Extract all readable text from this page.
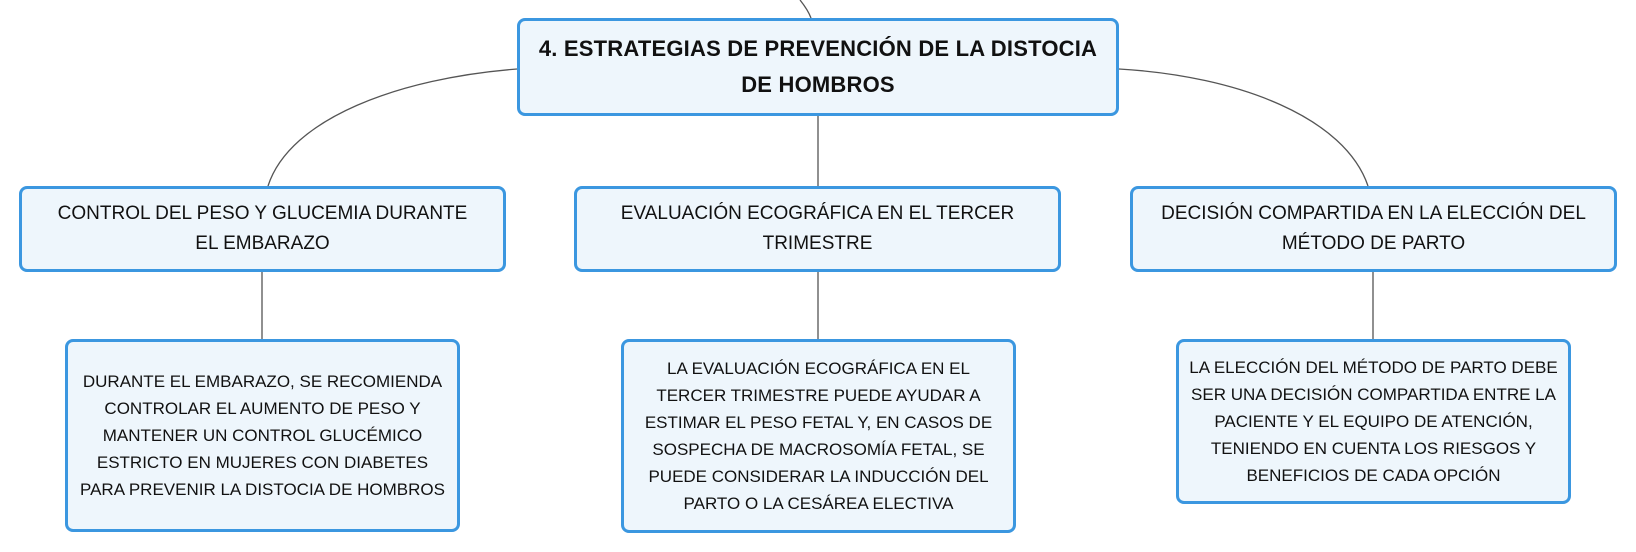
4. ESTRATEGIAS DE PREVENCIÓN DE LA DISTOCIA DE HOMBROS
CONTROL DEL PESO Y GLUCEMIA DURANTE EL EMBARAZO
EVALUACIÓN ECOGRÁFICA EN EL TERCER TRIMESTRE
DECISIÓN COMPARTIDA EN LA ELECCIÓN DEL MÉTODO DE PARTO
DURANTE EL EMBARAZO, SE RECOMIENDA CONTROLAR EL AUMENTO DE PESO Y MANTENER UN CONTROL GLUCÉMICO ESTRICTO EN MUJERES CON DIABETES PARA PREVENIR LA DISTOCIA DE HOMBROS
LA EVALUACIÓN ECOGRÁFICA EN EL TERCER TRIMESTRE PUEDE AYUDAR A ESTIMAR EL PESO FETAL Y, EN CASOS DE SOSPECHA DE MACROSOMÍA FETAL, SE PUEDE CONSIDERAR LA INDUCCIÓN DEL PARTO O LA CESÁREA ELECTIVA
LA ELECCIÓN DEL MÉTODO DE PARTO DEBE SER UNA DECISIÓN COMPARTIDA ENTRE LA PACIENTE Y EL EQUIPO DE ATENCIÓN, TENIENDO EN CUENTA LOS RIESGOS Y BENEFICIOS DE CADA OPCIÓN
